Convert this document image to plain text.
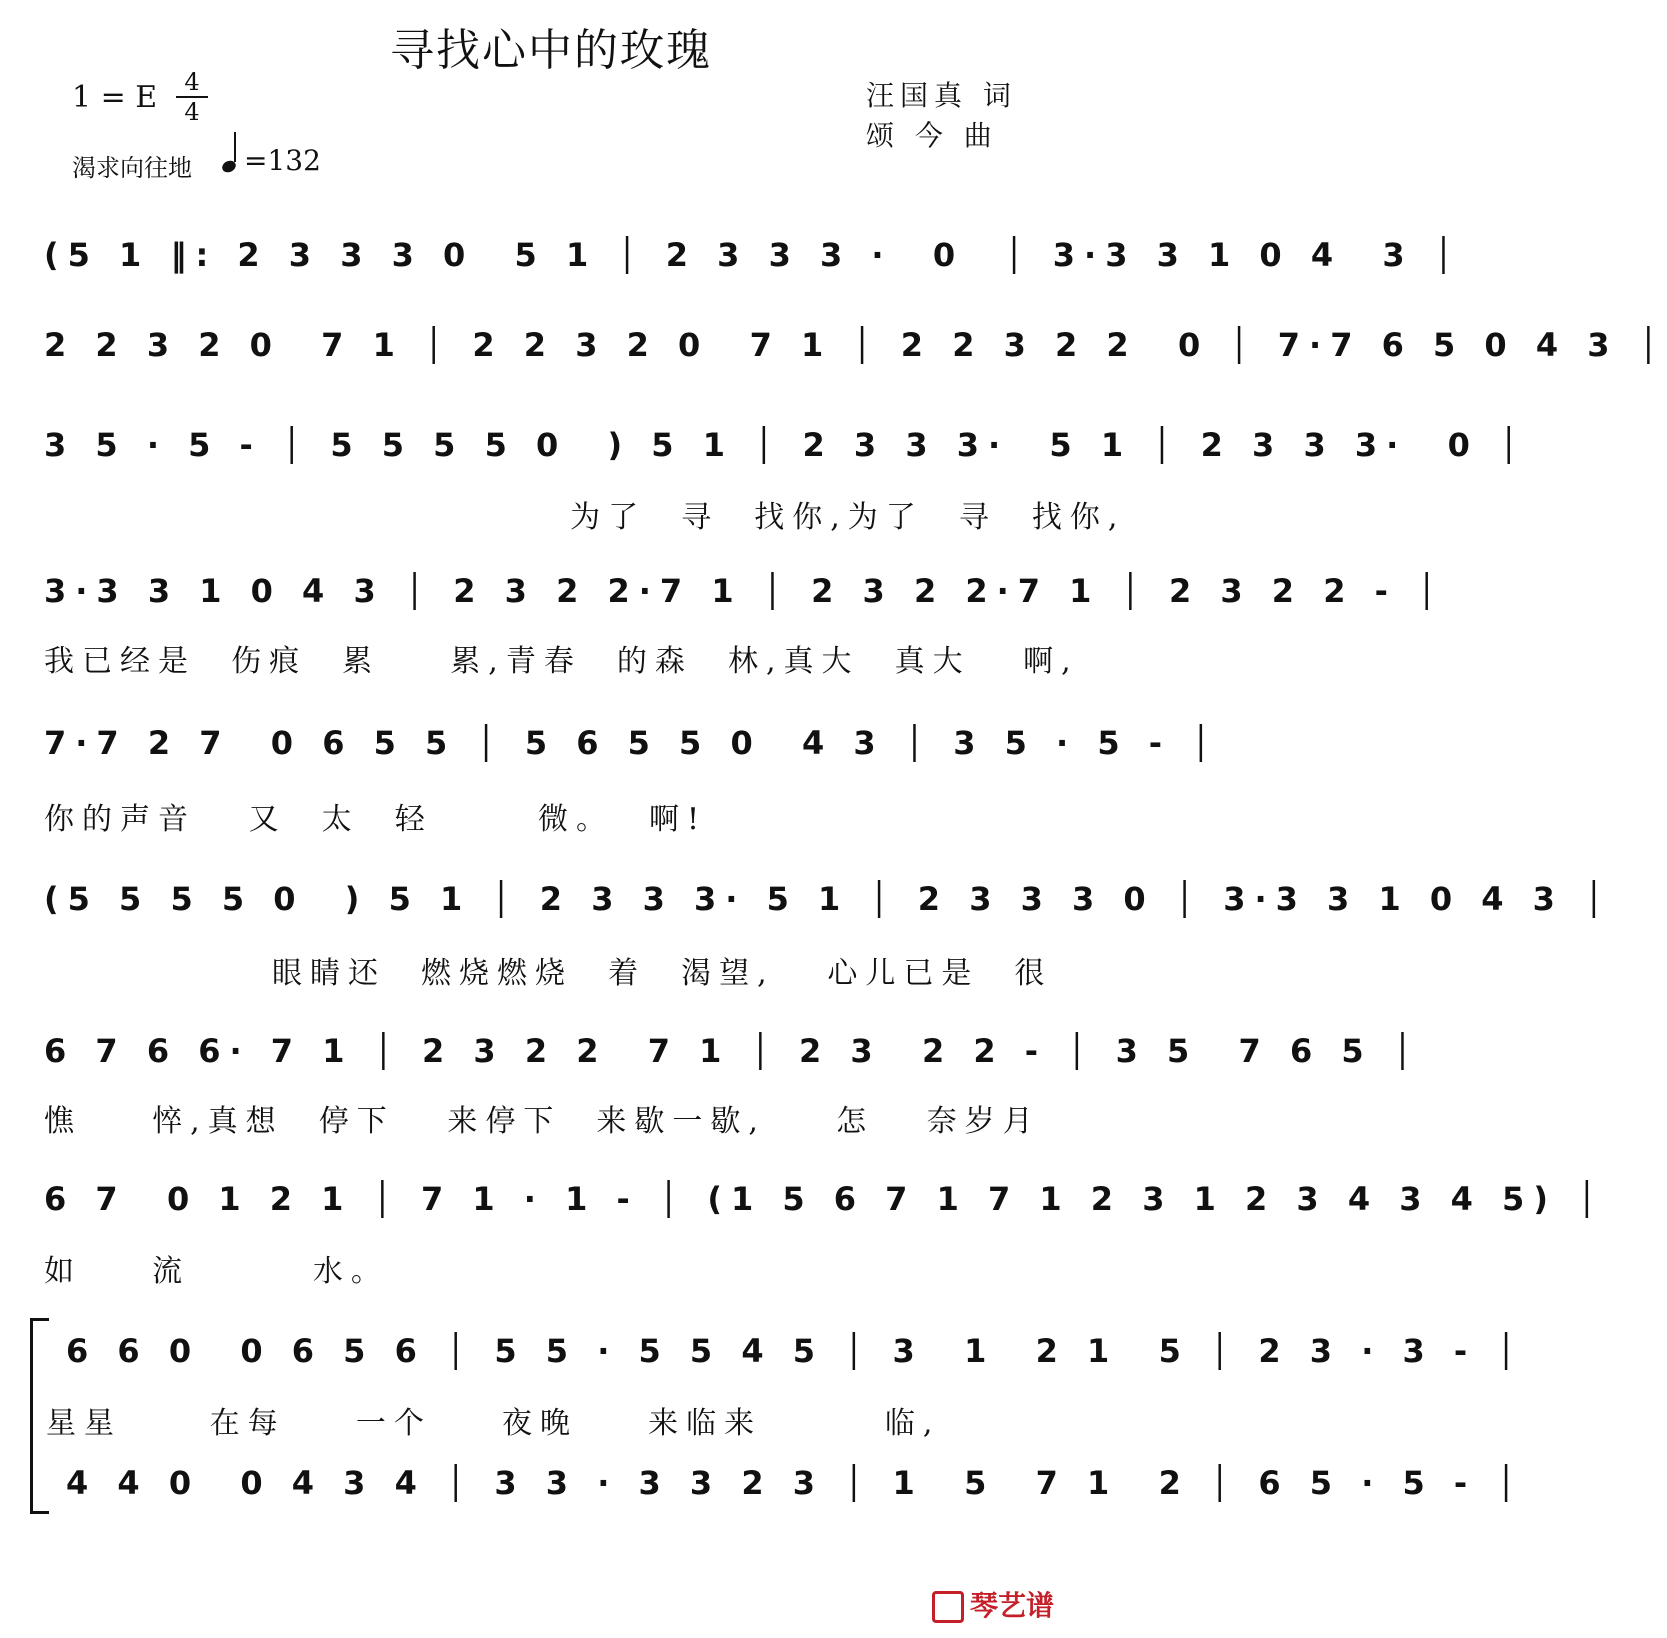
寻找心中的玫瑰
1 = E	4
4	汪国真 词
颂 今 曲
渴求向往地	=132
(5 1 ‖: 2 3 3 3 0  5 1 │ 2 3 3 3 ·  0  │ 3·3 3 1 0 4  3 │
2 2 3 2 0  7 1 │ 2 2 3 2 0  7 1 │ 2 2 3 2 2  0 │ 7·7 6 5 0 4 3 │
3 5 · 5 - │ 5 5 5 5 0  ) 5 1 │ 2 3 3 3·  5 1 │ 2 3 3 3·  0 │
为了  寻  找你,为了  寻  找你,
3·3 3 1 0 4 3 │ 2 3 2 2·7 1 │ 2 3 2 2·7 1 │ 2 3 2 2 - │
我已经是  伤痕  累    累,青春  的森  林,真大  真大   啊,
7·7 2 7  0 6 5 5 │ 5 6 5 5 0  4 3 │ 3 5 · 5 - │
你的声音   又  太  轻      微。  啊!
(5 5 5 5 0  ) 5 1 │ 2 3 3 3· 5 1 │ 2 3 3 3 0 │ 3·3 3 1 0 4 3 │
眼睛还  燃烧燃烧  着  渴望,   心儿已是  很
6 7 6 6· 7 1 │ 2 3 2 2  7 1 │ 2 3  2 2 - │ 3 5  7 6 5 │
憔    悴,真想  停下   来停下  来歇一歇,    怎   奈岁月
6 7  0 1 2 1 │ 7 1 · 1 - │ (1 5 6 7 1 7 1 2 3 1 2 3 4 3 4 5) │
如    流       水。
6 6 0  0 6 5 6 │ 5 5 · 5 5 4 5 │ 3  1  2 1  5 │ 2 3 · 3 - │
星星     在每    一个    夜晚    来临来       临,
4 4 0  0 4 3 4 │ 3 3 · 3 3 2 3 │ 1  5  7 1  2 │ 6 5 · 5 - │
琴艺谱
